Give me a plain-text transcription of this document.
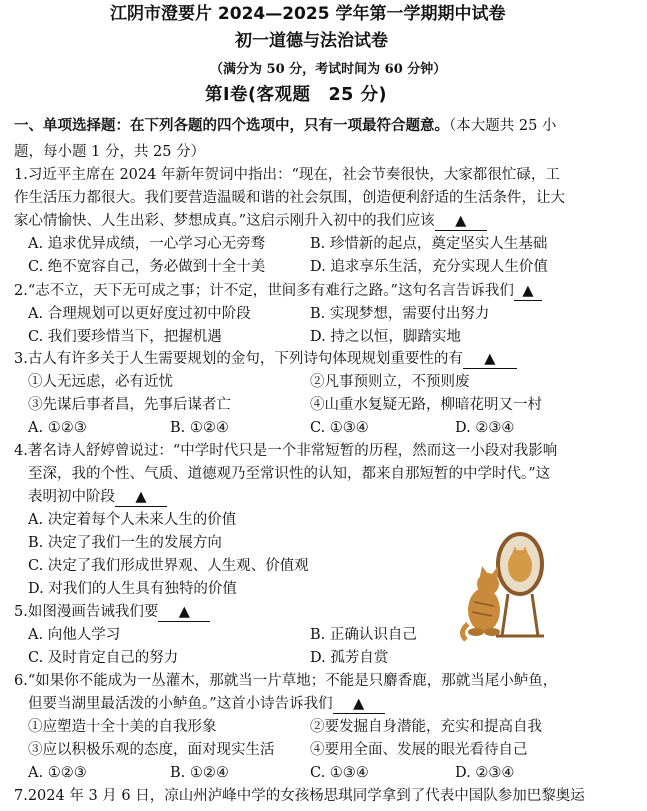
江阴市澄要片 2024—2025 学年第一学期期中试卷
初一道德与法治试卷
（满分为 50 分，考试时间为 60 分钟）
第Ⅰ卷(客观题　25 分)
一、单项选择题：在下列各题的四个选项中，只有一项最符合题意。（本大题共 25 小
题，每小题 1 分，共 25 分）
1.习近平主席在 2024 年新年贺词中指出：“现在，社会节奏很快，大家都很忙碌，工
作生活压力都很大。我们要营造温暖和谐的社会氛围，创造便利舒适的生活条件，让大
家心情愉快、人生出彩、梦想成真。”这启示刚升入初中的我们应该 ▲
A. 追求优异成绩，一心学习心无旁骛	B. 珍惜新的起点，奠定坚实人生基础
C. 绝不宽容自己，务必做到十全十美	D. 追求享乐生活，充分实现人生价值
2.“志不立，天下无可成之事；计不定，世间多有难行之路。”这句名言告诉我们 ▲
A. 合理规划可以更好度过初中阶段	B. 实现梦想，需要付出努力
C. 我们要珍惜当下，把握机遇	D. 持之以恒，脚踏实地
3.古人有许多关于人生需要规划的金句，下列诗句体现规划重要性的有 ▲
①人无远虑，必有近忧	②凡事预则立，不预则废
③先谋后事者昌，先事后谋者亡	④山重水复疑无路，柳暗花明又一村
A. ①②③	B. ①②④	C. ①③④	D. ②③④
4.著名诗人舒婷曾说过：“中学时代只是一个非常短暂的历程，然而这一小段对我影响
至深，我的个性、气质、道德观乃至常识性的认知，都来自那短暂的中学时代。”这
表明初中阶段 ▲
A. 决定着每个人未来人生的价值
B. 决定了我们一生的发展方向
C. 决定了我们形成世界观、人生观、价值观
D. 对我们的人生具有独特的价值
5.如图漫画告诫我们要 ▲
A. 向他人学习	B. 正确认识自己
C. 及时肯定自己的努力	D. 孤芳自赏
6.“如果你不能成为一丛灌木，那就当一片草地；不能是只麝香鹿，那就当尾小鲈鱼，
但要当湖里最活泼的小鲈鱼。”这首小诗告诉我们 ▲
①应塑造十全十美的自我形象	②要发掘自身潜能，充实和提高自我
③应以积极乐观的态度，面对现实生活 ④要用全面、发展的眼光看待自己
A. ①②③	B. ①②④	C. ①③④	D. ②③④
7.2024 年 3 月 6 日，凉山州泸峰中学的女孩杨思琪同学拿到了代表中国队参加巴黎奥运
